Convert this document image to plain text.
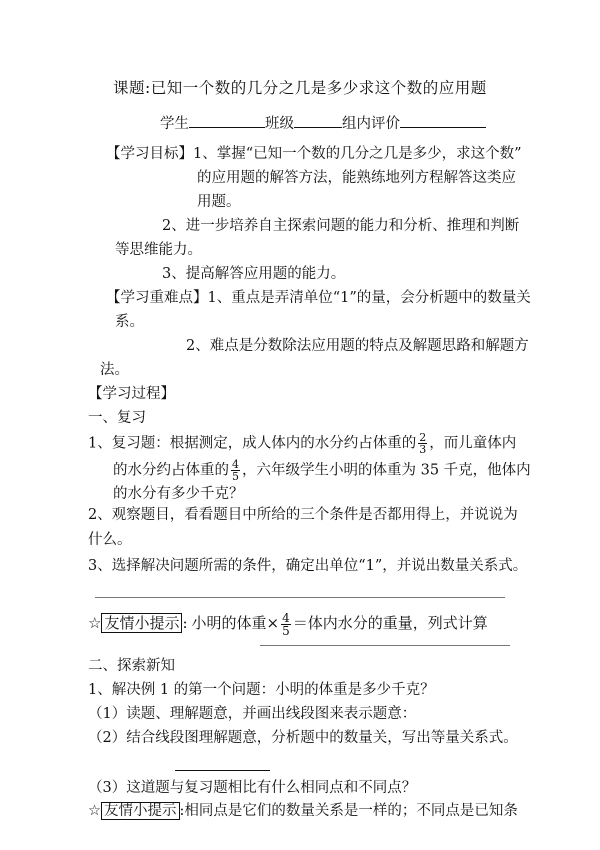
课题:已知一个数的几分之几是多少求这个数的应用题
学生	班级	组内评价
【学习目标】1、掌握“已知一个数的几分之几是多少，求这个数”
的应用题的解答方法，能熟练地列方程解答这类应
用题。
2、进一步培养自主探索问题的能力和分析、推理和判断
等思维能力。
3、提高解答应用题的能力。
【学习重难点】1、重点是弄清单位“1”的量，会分析题中的数量关
系。
2、难点是分数除法应用题的特点及解题思路和解题方
法。
【学习过程】
一、复习
1、复习题：根据测定，成人体内的水分约占体重的 $\frac{2}{3}$ ，而儿童体内
的水分约占体重的 $\frac{4}{5}$ ，六年级学生小明的体重为 35 千克，他体内
的水分有多少千克？
2、观察题目，看看题目中所给的三个条件是否都用得上，并说说为
什么。
3、选择解决问题所需的条件，确定出单位“1”，并说出数量关系式。
☆ 友情小提示 : 小明的体重× $\frac{4}{5}$ ＝体内水分的重量，列式计算
二、探索新知
1、解决例 1 的第一个问题：小明的体重是多少千克？
（1）读题、理解题意，并画出线段图来表示题意：
（2）结合线段图理解题意，分析题中的数量关，写出等量关系式。
（3）这道题与复习题相比有什么相同点和不同点？
☆ 友情小提示 :相同点是它们的数量关系是一样的；不同点是已知条
